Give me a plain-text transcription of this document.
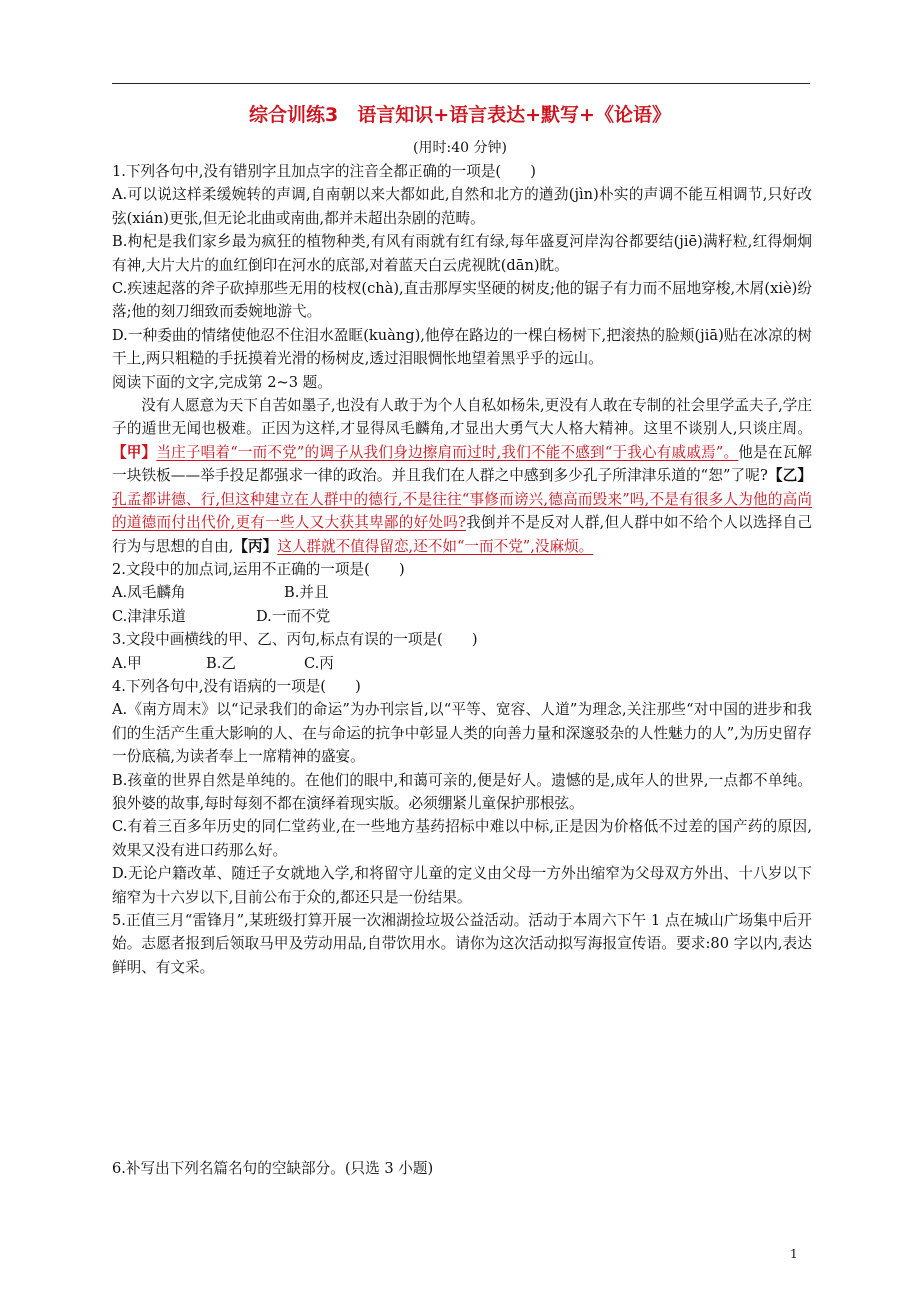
综合训练3　语言知识+语言表达+默写+《论语》
(用时:40 分钟)

1.下列各句中,没有错别字且加点字的注音全都正确的一项是(　　)

A.可以说这样柔缓婉转的声调,自南朝以来大都如此,自然和北方的遒劲(jìn)朴实的声调不能互相调节,只好改弦(xián)更张,但无论北曲或南曲,都并未超出杂剧的范畴。

B.枸杞是我们家乡最为疯狂的植物种类,有风有雨就有红有绿,每年盛夏河岸沟谷都要结(jiē)满籽粒,红得炯炯有神,大片大片的血红倒印在河水的底部,对着蓝天白云虎视眈(dān)眈。

C.疾速起落的斧子砍掉那些无用的枝杈(chà),直击那厚实坚硬的树皮;他的锯子有力而不屈地穿梭,木屑(xiè)纷落;他的刻刀细致而委婉地游弋。

D.一种委曲的情绪使他忍不住泪水盈眶(kuàng),他停在路边的一棵白杨树下,把滚热的脸颊(jiā)贴在冰凉的树干上,两只粗糙的手抚摸着光滑的杨树皮,透过泪眼惆怅地望着黑乎乎的远山。

阅读下面的文字,完成第 2~3 题。

没有人愿意为天下自苦如墨子,也没有人敢于为个人自私如杨朱,更没有人敢在专制的社会里学孟夫子,学庄子的遁世无闻也极难。正因为这样,才显得凤毛麟角,才显出大勇气大人格大精神。这里不谈别人,只谈庄周。【甲】当庄子唱着“一而不党”的调子从我们身边擦肩而过时,我们不能不感到“于我心有戚戚焉”。他是在瓦解一块铁板——举手投足都强求一律的政治。并且我们在人群之中感到多少孔子所津津乐道的“恕”了呢?【乙】孔孟都讲德、行,但这种建立在人群中的德行,不是往往“事修而谤兴,德高而毁来”吗,不是有很多人为他的高尚的道德而付出代价,更有一些人又大获其卑鄙的好处吗?我倒并不是反对人群,但人群中如不给个人以选择自己行为与思想的自由,【丙】这人群就不值得留恋,还不如“一而不党”,没麻烦。

2.文段中的加点词,运用不正确的一项是(　　)

A.凤毛麟角	B.并且
C.津津乐道	D.一而不党

3.文段中画横线的甲、乙、丙句,标点有误的一项是(　　)

A.甲	B.乙	C.丙

4.下列各句中,没有语病的一项是(　　)

A.《南方周末》以“记录我们的命运”为办刊宗旨,以“平等、宽容、人道”为理念,关注那些“对中国的进步和我们的生活产生重大影响的人、在与命运的抗争中彰显人类的向善力量和深邃驳杂的人性魅力的人”,为历史留存一份底稿,为读者奉上一席精神的盛宴。

B.孩童的世界自然是单纯的。在他们的眼中,和蔼可亲的,便是好人。遗憾的是,成年人的世界,一点都不单纯。狼外婆的故事,每时每刻不都在演绎着现实版。必须绷紧儿童保护那根弦。

C.有着三百多年历史的同仁堂药业,在一些地方基药招标中难以中标,正是因为价格低不过差的国产药的原因,效果又没有进口药那么好。

D.无论户籍改革、随迁子女就地入学,和将留守儿童的定义由父母一方外出缩窄为父母双方外出、十八岁以下缩窄为十六岁以下,目前公布于众的,都还只是一份结果。

5.正值三月“雷锋月”,某班级打算开展一次湘湖捡垃圾公益活动。活动于本周六下午 1 点在城山广场集中后开始。志愿者报到后领取马甲及劳动用品,自带饮用水。请你为这次活动拟写海报宣传语。要求:80 字以内,表达鲜明、有文采。

6.补写出下列名篇名句的空缺部分。(只选 3 小题)

1
